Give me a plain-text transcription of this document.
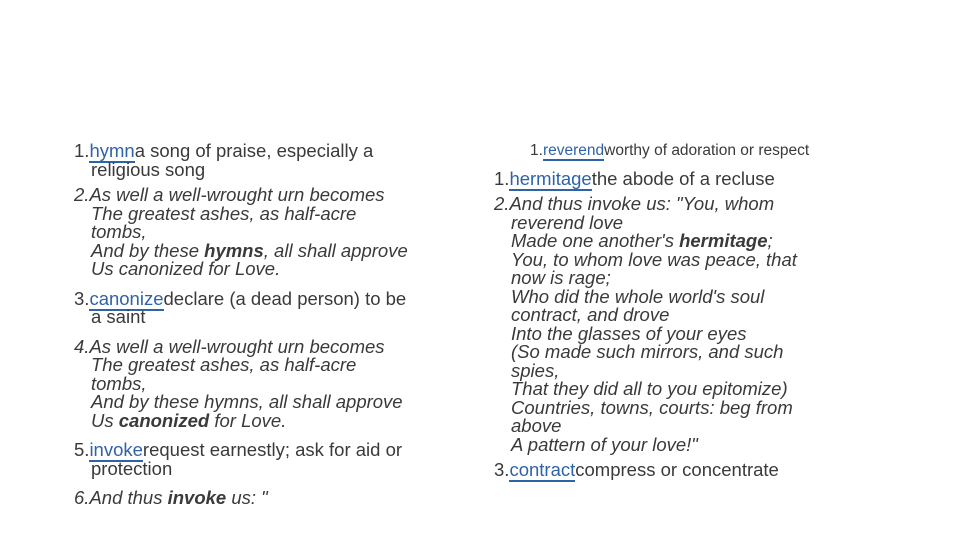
1.hymna song of praise, especially a
religious song
2.As well a well-wrought urn becomes
The greatest ashes, as half-acre
tombs,
And by these hymns, all shall approve
Us canonized for Love.
3.canonizedeclare (a dead person) to be
a saint
4.As well a well-wrought urn becomes
The greatest ashes, as half-acre
tombs,
And by these hymns, all shall approve
Us canonized for Love.
5.invokerequest earnestly; ask for aid or
protection
6.And thus invoke us: "
1.reverendworthy of adoration or respect
1.hermitagethe abode of a recluse
2.And thus invoke us: "You, whom
reverend love
Made one another's hermitage;
You, to whom love was peace, that
now is rage;
Who did the whole world's soul
contract, and drove
Into the glasses of your eyes
(So made such mirrors, and such
spies,
That they did all to you epitomize)
Countries, towns, courts: beg from
above
A pattern of your love!"
3.contractcompress or concentrate
